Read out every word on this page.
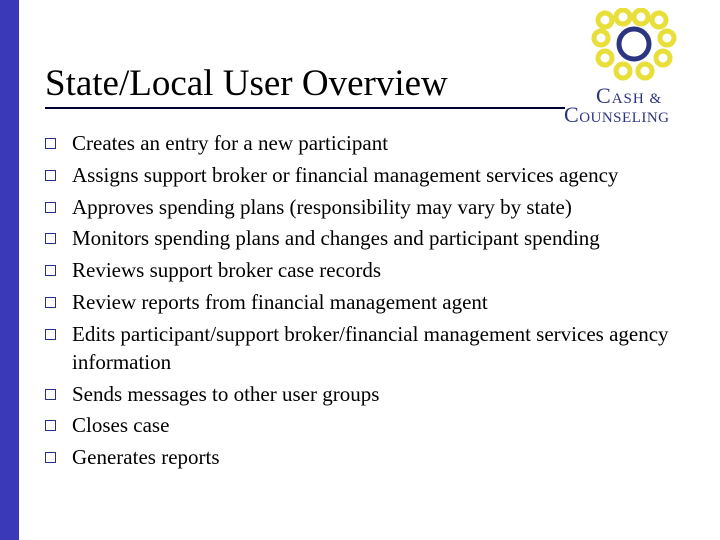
State/Local User Overview	CASH &
COUNSELING
Creates an entry for a new participant
Assigns support broker or financial management services agency
Approves spending plans (responsibility may vary by state)
Monitors spending plans and changes and participant spending
Reviews support broker case records
Review reports from financial management agent
Edits participant/support broker/financial management services agency information
Sends messages to other user groups
Closes case
Generates reports
